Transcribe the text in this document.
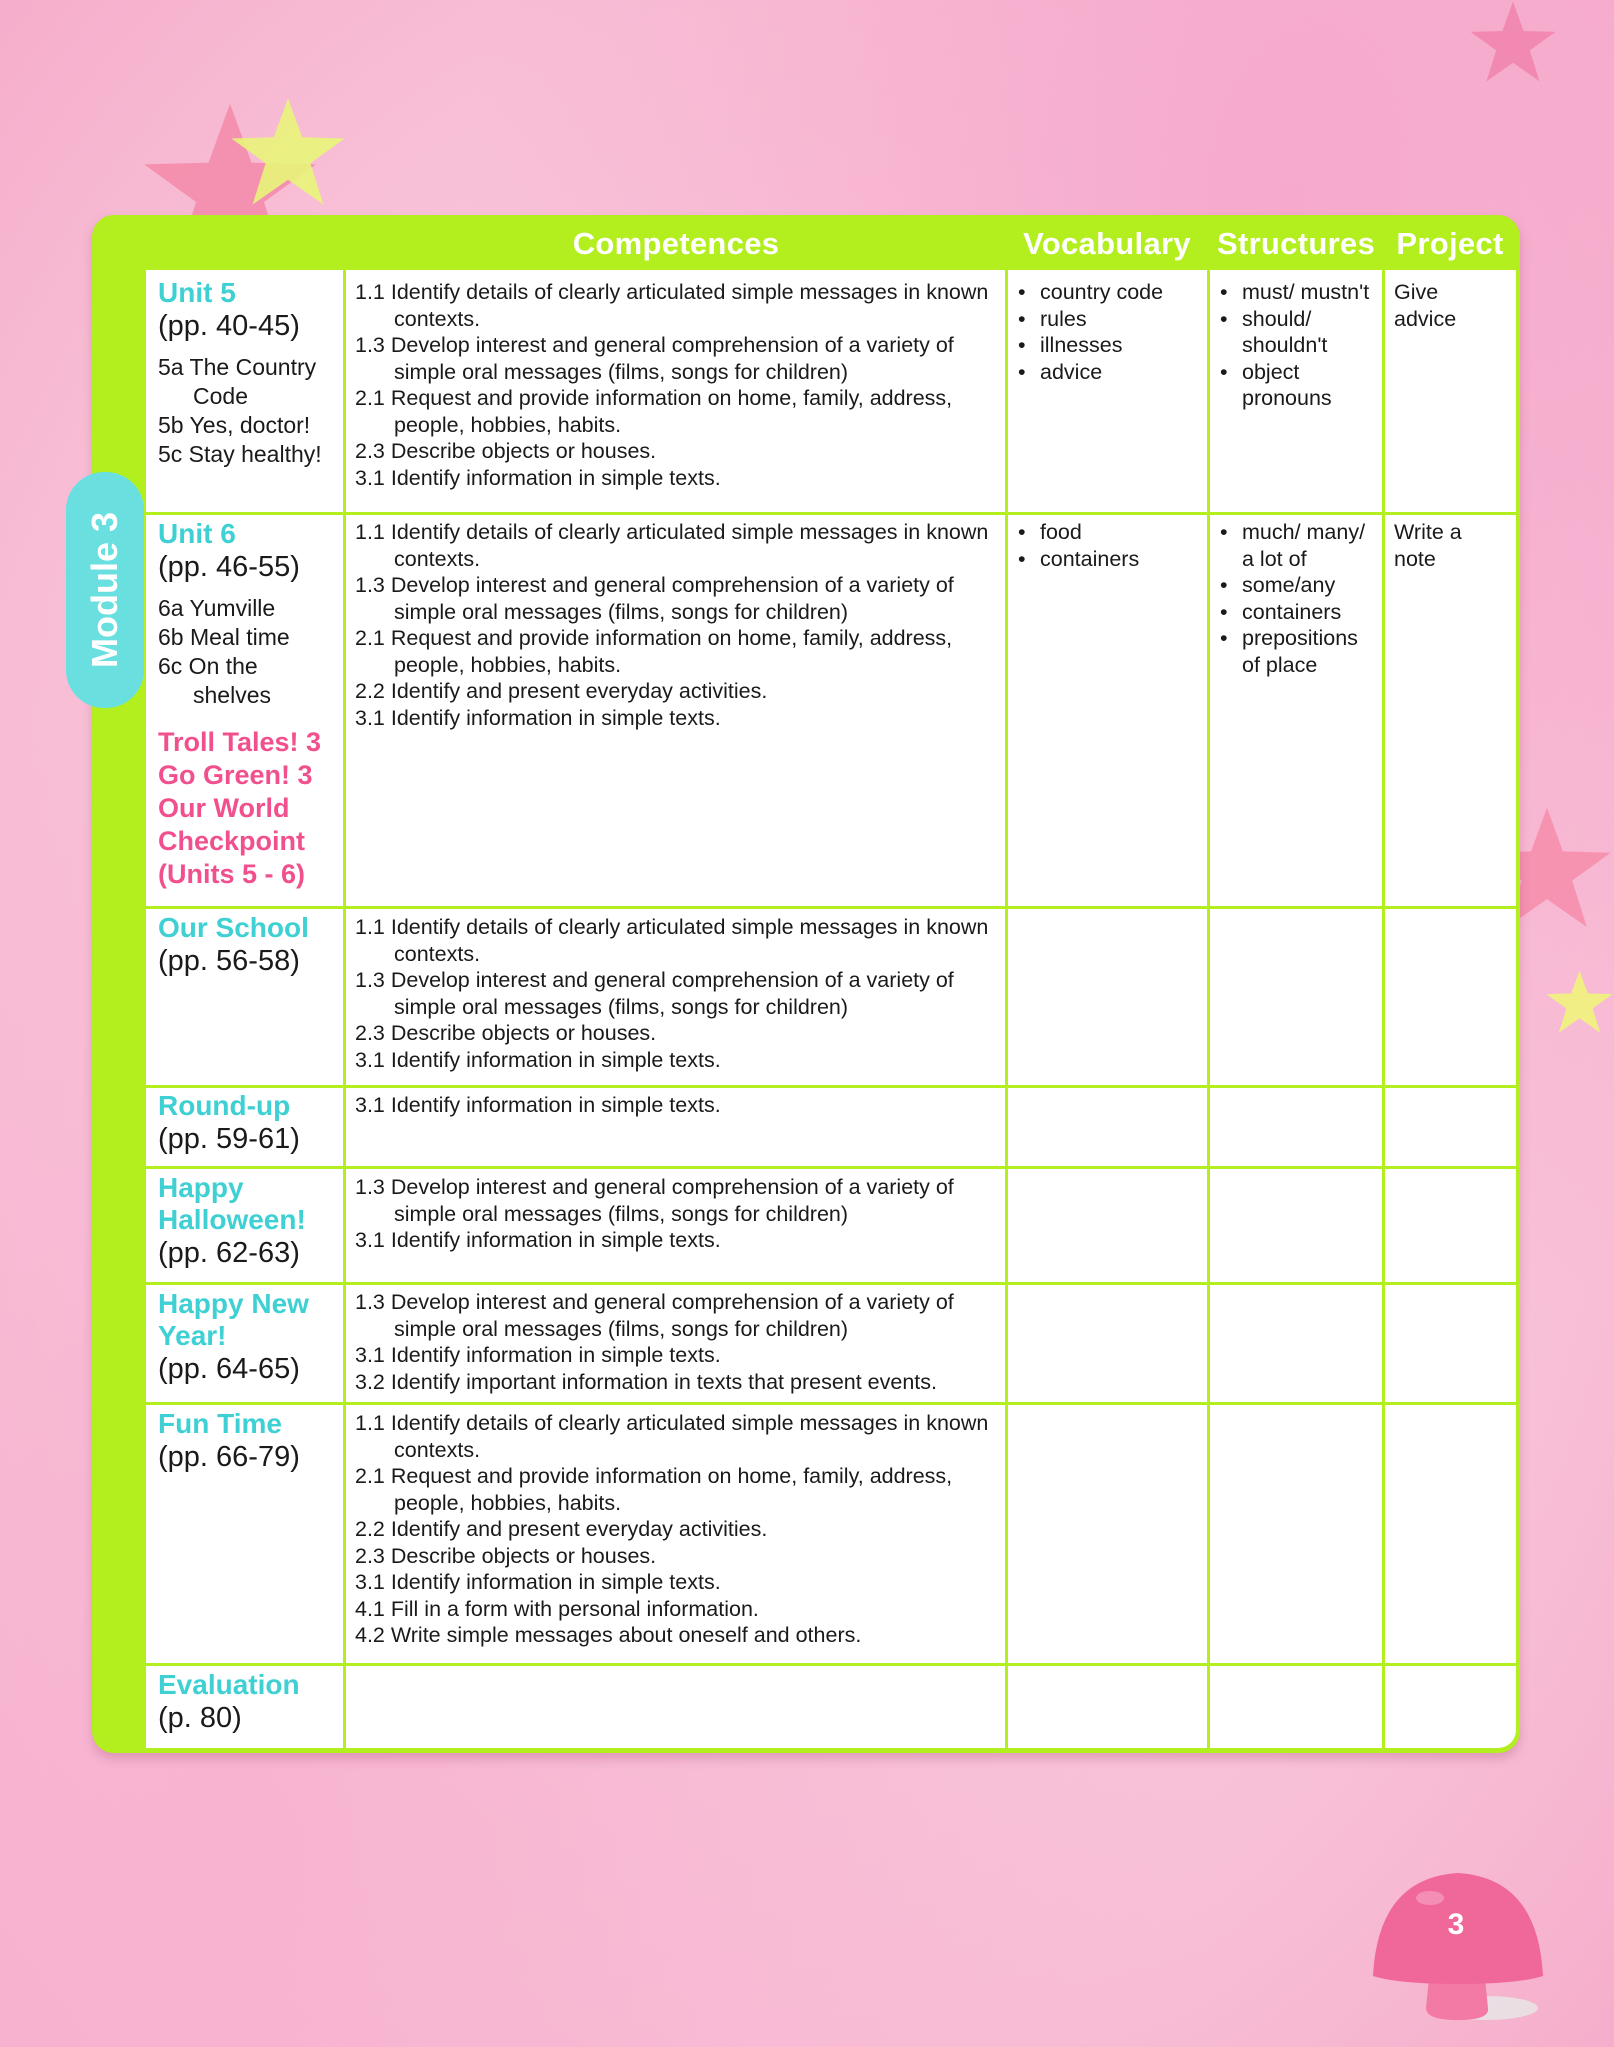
Competences	Vocabulary Structures Project
Module 3
Unit 5
(pp. 40-45)
5a The Country Code
5b Yes, doctor!
5c Stay healthy!
1.1 Identify details of clearly articulated simple messages in known contexts.
1.3 Develop interest and general comprehension of a variety of simple oral messages (films, songs for children)
2.1 Request and provide information on home, family, address, people, hobbies, habits.
2.3 Describe objects or houses.
3.1 Identify information in simple texts.
• country code
• rules
• illnesses
• advice
• must/ mustn't
• should/ shouldn't
• object pronouns
Give advice
Unit 6
(pp. 46-55)
6a Yumville
6b Meal time
6c On the shelves
Troll Tales! 3
Go Green! 3
Our World
Checkpoint
(Units 5 - 6)
1.1 Identify details of clearly articulated simple messages in known contexts.
1.3 Develop interest and general comprehension of a variety of simple oral messages (films, songs for children)
2.1 Request and provide information on home, family, address, people, hobbies, habits.
2.2 Identify and present everyday activities.
3.1 Identify information in simple texts.
• food
• containers
• much/ many/ a lot of
• some/any
• containers
• prepositions of place
Write a note
Our School
(pp. 56-58)
1.1 Identify details of clearly articulated simple messages in known contexts.
1.3 Develop interest and general comprehension of a variety of simple oral messages (films, songs for children)
2.3 Describe objects or houses.
3.1 Identify information in simple texts.
Round-up
(pp. 59-61)
3.1 Identify information in simple texts.
Happy Halloween!
(pp. 62-63)
1.3 Develop interest and general comprehension of a variety of simple oral messages (films, songs for children)
3.1 Identify information in simple texts.
Happy New Year!
(pp. 64-65)
1.3 Develop interest and general comprehension of a variety of simple oral messages (films, songs for children)
3.1 Identify information in simple texts.
3.2 Identify important information in texts that present events.
Fun Time
(pp. 66-79)
1.1 Identify details of clearly articulated simple messages in known contexts.
2.1 Request and provide information on home, family, address, people, hobbies, habits.
2.2 Identify and present everyday activities.
2.3 Describe objects or houses.
3.1 Identify information in simple texts.
4.1 Fill in a form with personal information.
4.2 Write simple messages about oneself and others.
Evaluation
(p. 80)
3
